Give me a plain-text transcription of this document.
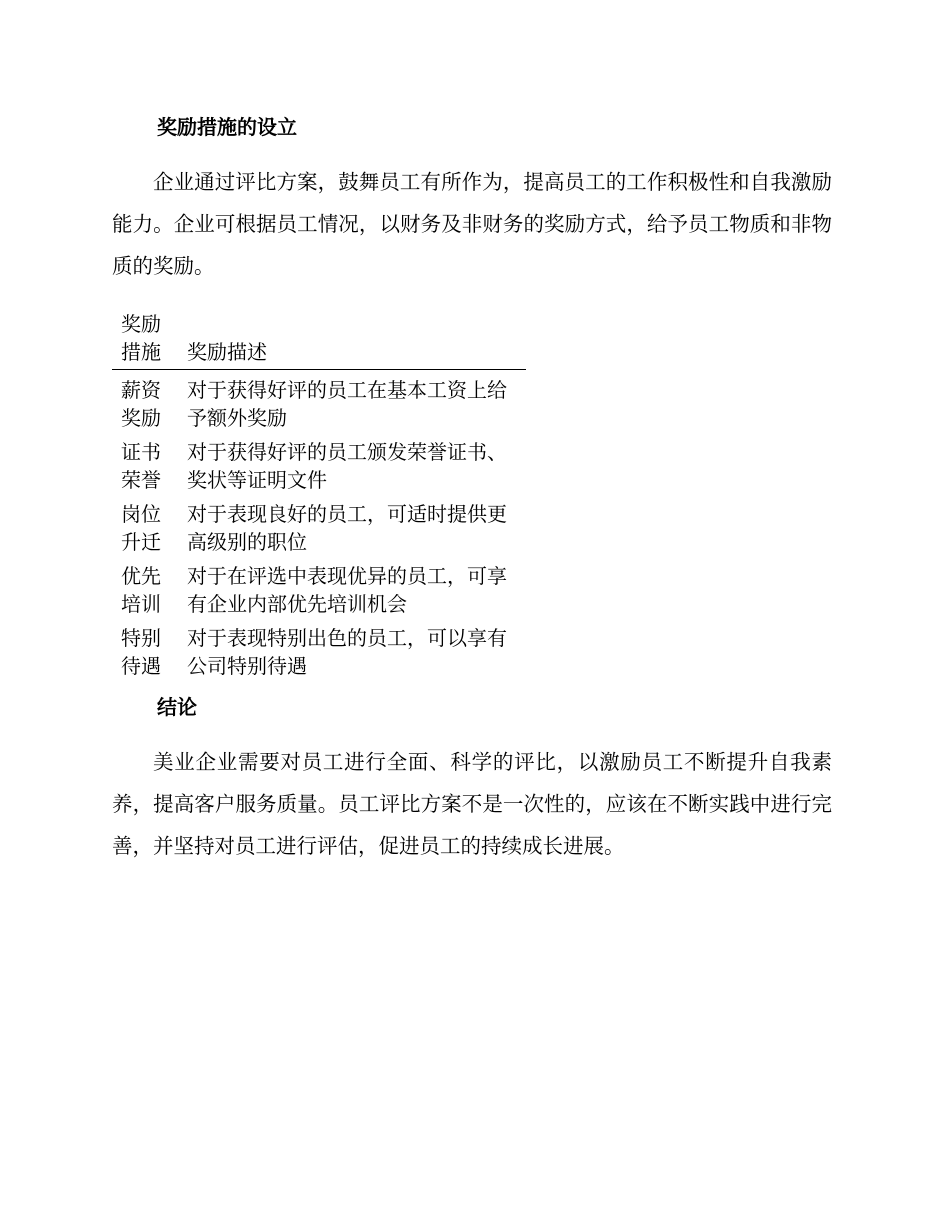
奖励措施的设立
企业通过评比方案，鼓舞员工有所作为，提高员工的工作积极性和自我激励能力。企业可根据员工情况，以财务及非财务的奖励方式，给予员工物质和非物质的奖励。
奖励措施	奖励描述
薪资奖励
对于获得好评的员工在基本工资上给予额外奖励
证书荣誉
对于获得好评的员工颁发荣誉证书、奖状等证明文件
岗位升迁
对于表现良好的员工，可适时提供更高级别的职位
优先培训
对于在评选中表现优异的员工，可享有企业内部优先培训机会
特别待遇
对于表现特别出色的员工，可以享有公司特别待遇
结论
美业企业需要对员工进行全面、科学的评比，以激励员工不断提升自我素养，提高客户服务质量。员工评比方案不是一次性的，应该在不断实践中进行完善，并坚持对员工进行评估，促进员工的持续成长进展。
